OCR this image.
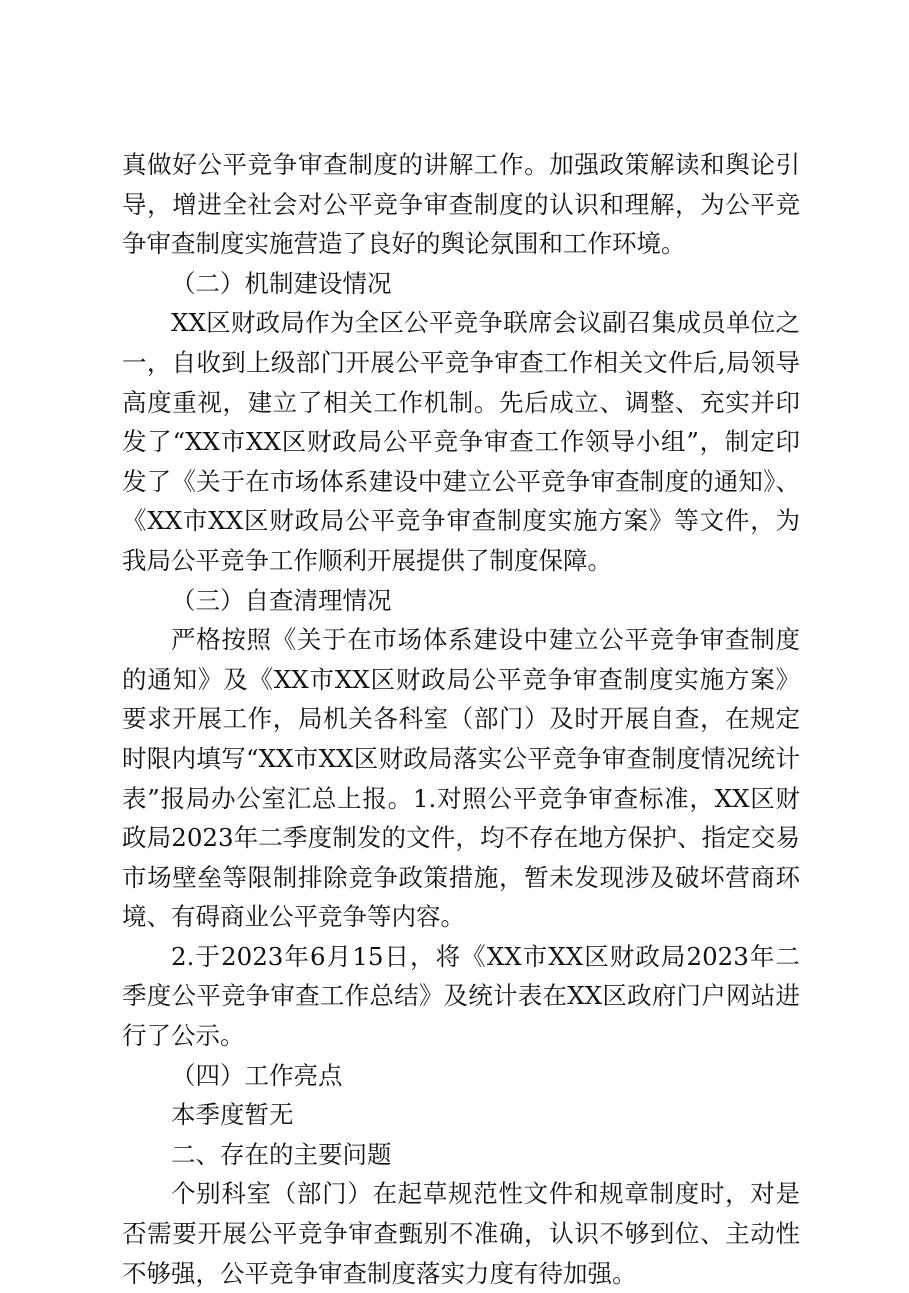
真做好公平竞争审查制度的讲解工作。加强政策解读和舆论引导，增进全社会对公平竞争审查制度的认识和理解，为公平竞争审查制度实施营造了良好的舆论氛围和工作环境。

（二）机制建设情况

XX区财政局作为全区公平竞争联席会议副召集成员单位之一，自收到上级部门开展公平竞争审查工作相关文件后,局领导高度重视，建立了相关工作机制。先后成立、调整、充实并印发了“XX市XX区财政局公平竞争审查工作领导小组”，制定印发了《关于在市场体系建设中建立公平竞争审查制度的通知》、《XX市XX区财政局公平竞争审查制度实施方案》等文件，为我局公平竞争工作顺利开展提供了制度保障。

（三）自查清理情况

严格按照《关于在市场体系建设中建立公平竞争审查制度的通知》及《XX市XX区财政局公平竞争审查制度实施方案》要求开展工作，局机关各科室（部门）及时开展自查，在规定时限内填写“XX市XX区财政局落实公平竞争审查制度情况统计表”报局办公室汇总上报。1.对照公平竞争审查标准，XX区财政局2023年二季度制发的文件，均不存在地方保护、指定交易市场壁垒等限制排除竞争政策措施，暂未发现涉及破坏营商环境、有碍商业公平竞争等内容。

2.于2023年6月15日，将《XX市XX区财政局2023年二季度公平竞争审查工作总结》及统计表在XX区政府门户网站进行了公示。

（四）工作亮点

本季度暂无

二、存在的主要问题

个别科室（部门）在起草规范性文件和规章制度时，对是否需要开展公平竞争审查甄别不准确，认识不够到位、主动性不够强，公平竞争审查制度落实力度有待加强。
